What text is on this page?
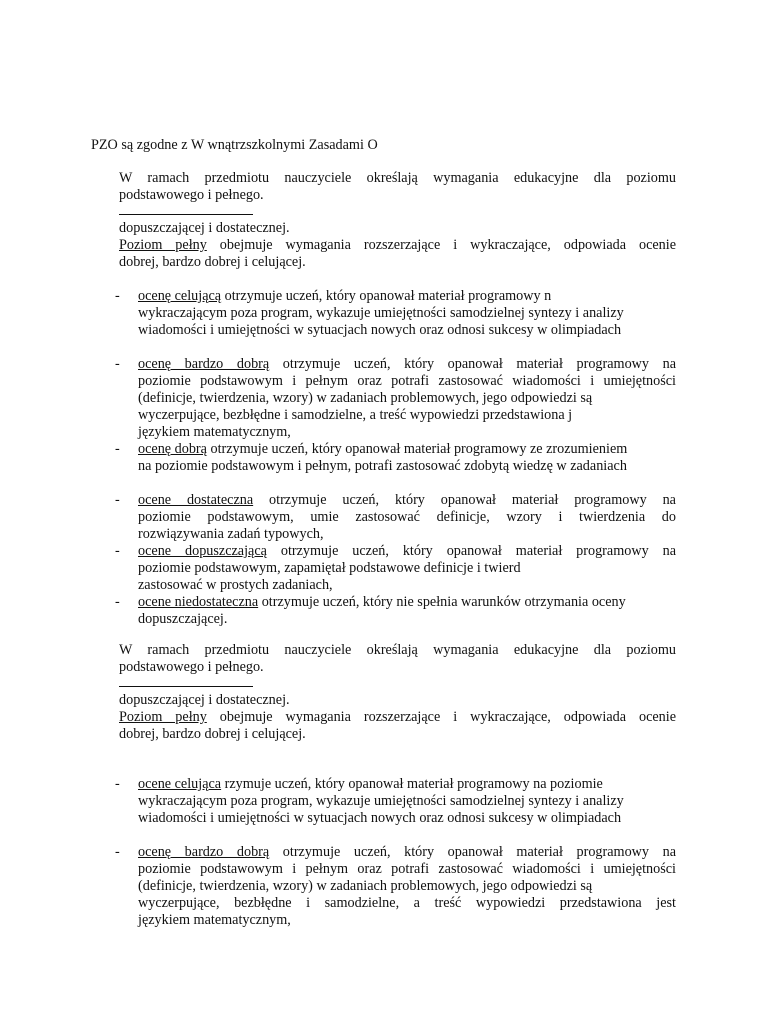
PZO są zgodne z W wnątrzszkolnymi Zasadami O
W ramach przedmiotu nauczyciele określają wymagania edukacyjne dla poziomu
podstawowego i pełnego.
dopuszczającej i dostatecznej.
Poziom pełny obejmuje wymagania rozszerzające i wykraczające, odpowiada ocenie
dobrej, bardzo dobrej i celującej.
-	ocenę celującą otrzymuje uczeń, który opanował materiał programowy n
wykraczającym poza program, wykazuje umiejętności samodzielnej syntezy i analizy
wiadomości i umiejętności w sytuacjach nowych oraz odnosi sukcesy w olimpiadach
-	ocenę bardzo dobrą otrzymuje uczeń, który opanował materiał programowy na
poziomie podstawowym i pełnym oraz potrafi zastosować wiadomości i umiejętności
(definicje, twierdzenia, wzory) w zadaniach problemowych, jego odpowiedzi są
wyczerpujące, bezbłędne i samodzielne, a treść wypowiedzi przedstawiona j
językiem matematycznym,
-	ocenę dobrą otrzymuje uczeń, który opanował materiał programowy ze zrozumieniem
na poziomie podstawowym i pełnym, potrafi zastosować zdobytą wiedzę w zadaniach
-	ocene dostateczna otrzymuje uczeń, który opanował materiał programowy na
poziomie podstawowym, umie zastosować definicje, wzory i twierdzenia do
rozwiązywania zadań typowych,
-	ocene dopuszczającą otrzymuje uczeń, który opanował materiał programowy na
poziomie podstawowym, zapamiętał podstawowe definicje i twierd
zastosować w prostych zadaniach,
-	ocene niedostateczna otrzymuje uczeń, który nie spełnia warunków otrzymania oceny
dopuszczającej.
W ramach przedmiotu nauczyciele określają wymagania edukacyjne dla poziomu
podstawowego i pełnego.
dopuszczającej i dostatecznej.
Poziom pełny obejmuje wymagania rozszerzające i wykraczające, odpowiada ocenie
dobrej, bardzo dobrej i celującej.
-	ocene celująca rzymuje uczeń, który opanował materiał programowy na poziomie
wykraczającym poza program, wykazuje umiejętności samodzielnej syntezy i analizy
wiadomości i umiejętności w sytuacjach nowych oraz odnosi sukcesy w olimpiadach
-	ocenę bardzo dobrą otrzymuje uczeń, który opanował materiał programowy na
poziomie podstawowym i pełnym oraz potrafi zastosować wiadomości i umiejętności
(definicje, twierdzenia, wzory) w zadaniach problemowych, jego odpowiedzi są
wyczerpujące, bezbłędne i samodzielne, a treść wypowiedzi przedstawiona jest
językiem matematycznym,
